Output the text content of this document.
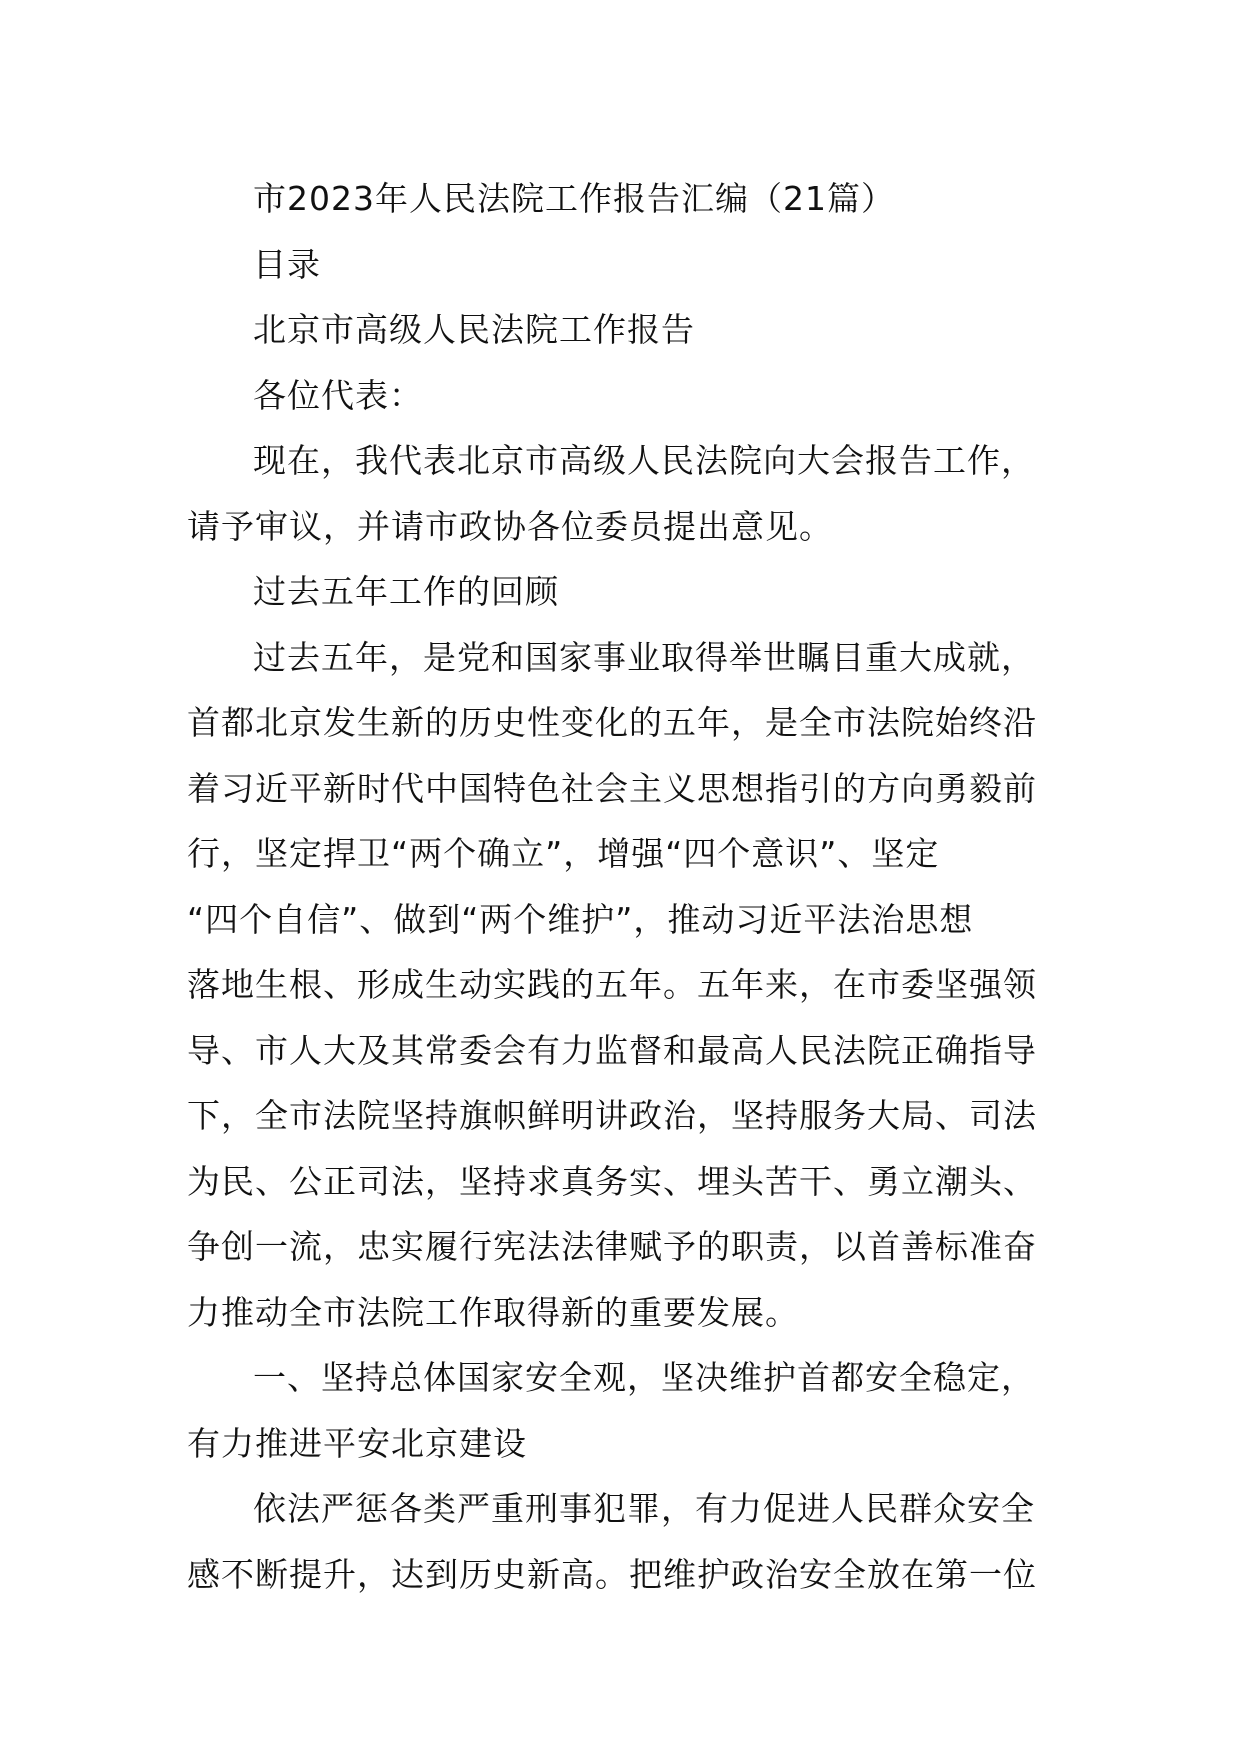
市2023年人民法院工作报告汇编（21篇）
目录
北京市高级人民法院工作报告
各位代表：
现在，我代表北京市高级人民法院向大会报告工作，
请予审议，并请市政协各位委员提出意见。
过去五年工作的回顾
过去五年，是党和国家事业取得举世瞩目重大成就，
首都北京发生新的历史性变化的五年，是全市法院始终沿
着习近平新时代中国特色社会主义思想指引的方向勇毅前
行，坚定捍卫“两个确立”，增强“四个意识”、坚定
“四个自信”、做到“两个维护”，推动习近平法治思想
落地生根、形成生动实践的五年。五年来，在市委坚强领
导、市人大及其常委会有力监督和最高人民法院正确指导
下，全市法院坚持旗帜鲜明讲政治，坚持服务大局、司法
为民、公正司法，坚持求真务实、埋头苦干、勇立潮头、
争创一流，忠实履行宪法法律赋予的职责，以首善标准奋
力推动全市法院工作取得新的重要发展。
一、坚持总体国家安全观，坚决维护首都安全稳定，
有力推进平安北京建设
依法严惩各类严重刑事犯罪，有力促进人民群众安全
感不断提升，达到历史新高。把维护政治安全放在第一位
